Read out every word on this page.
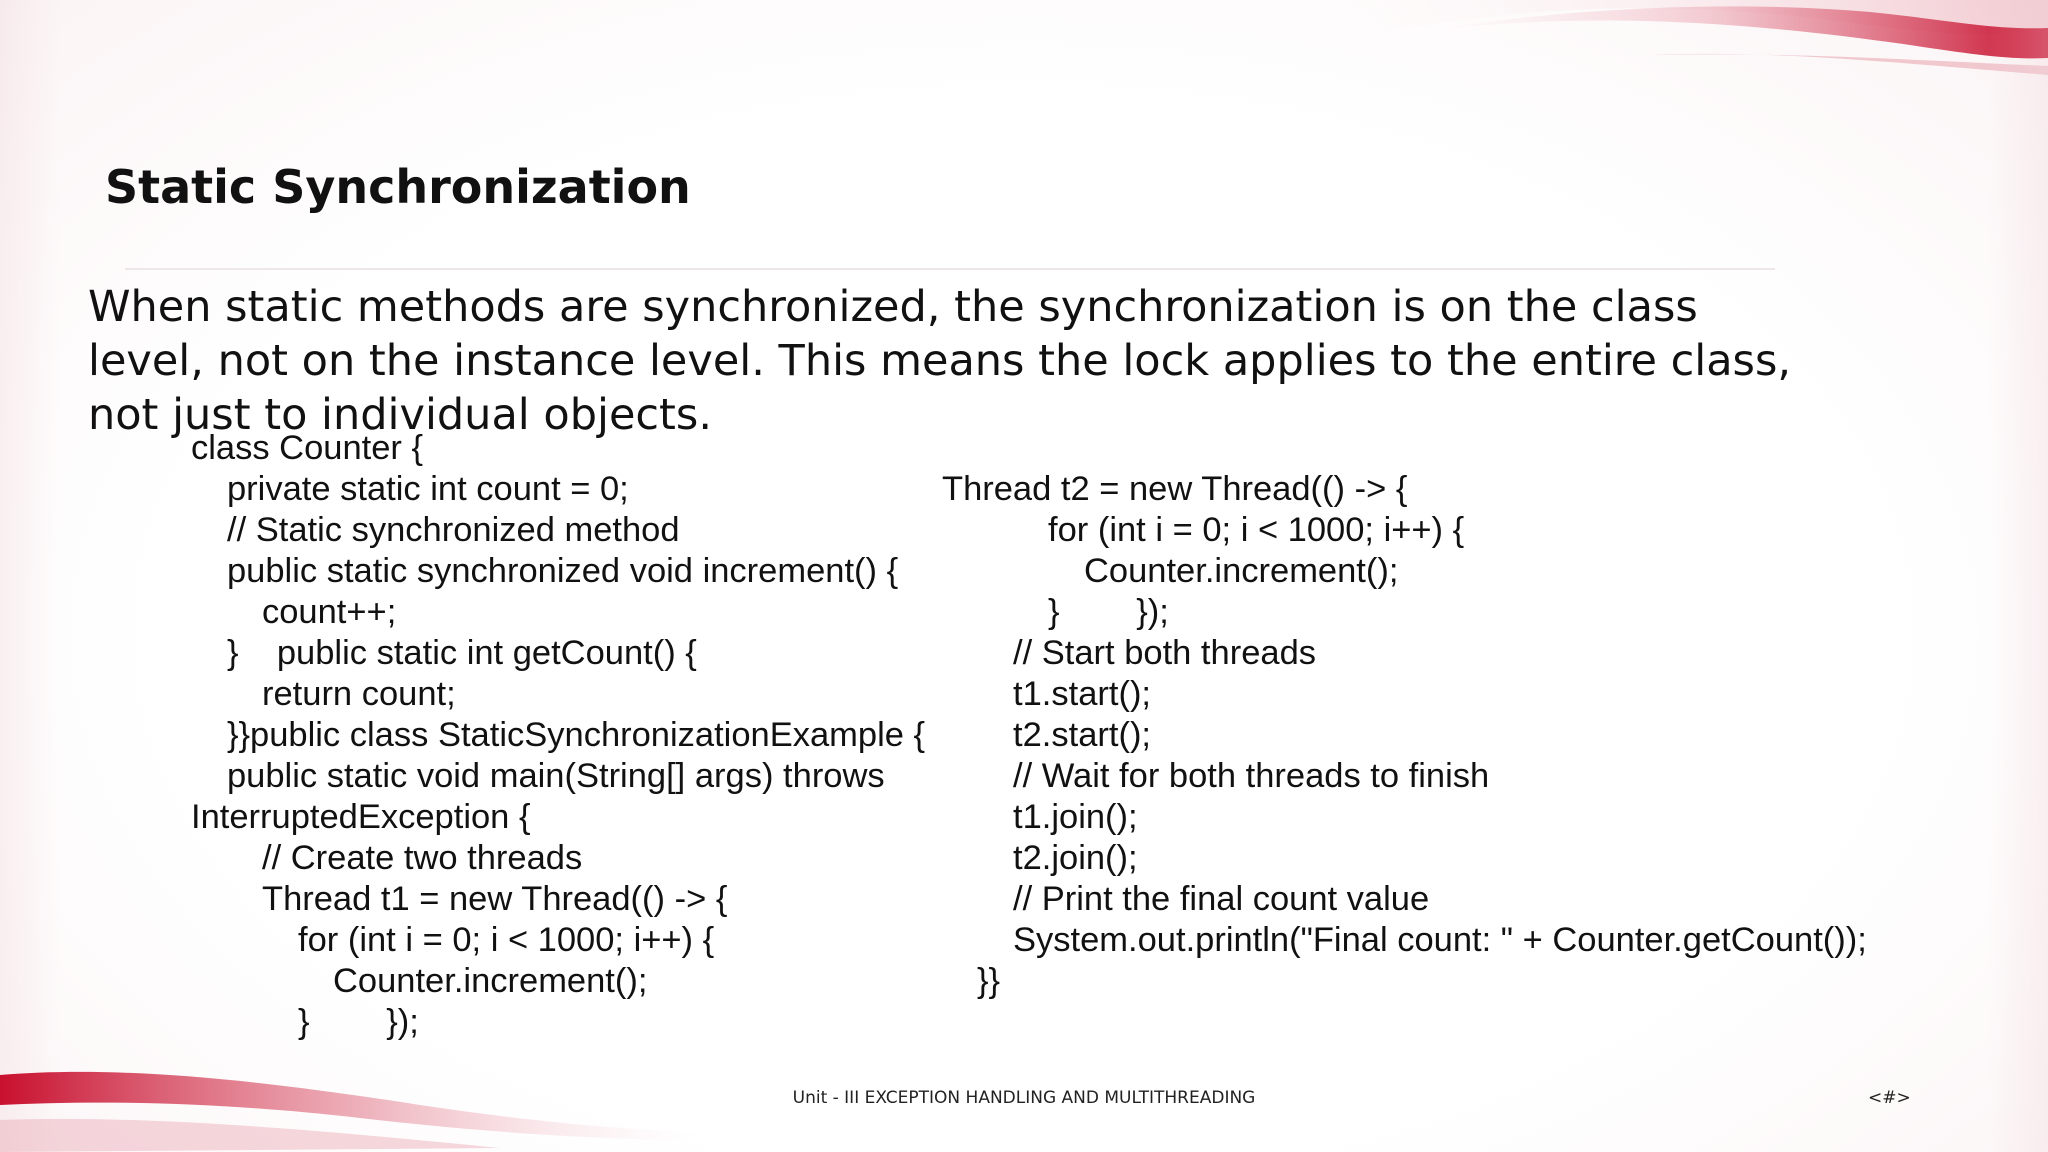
Static Synchronization
When static methods are synchronized, the synchronization is on the class level, not on the instance level. This means the lock applies to the entire class, not just to individual objects.

class Counter {

private static int count = 0;

// Static synchronized method

public static synchronized void increment() {

count++;

}    public static int getCount() {

return count;

}}public class StaticSynchronizationExample {

public static void main(String[] args) throws

InterruptedException {

// Create two threads

Thread t1 = new Thread(() -> {

for (int i = 0; i < 1000; i++) {

Counter.increment();

}        });

Thread t2 = new Thread(() -> {

for (int i = 0; i < 1000; i++) {

Counter.increment();

}        });

// Start both threads

t1.start();

t2.start();

// Wait for both threads to finish

t1.join();

t2.join();

// Print the final count value

System.out.println("Final count: " + Counter.getCount());

}}

Unit - III EXCEPTION HANDLING AND MULTITHREADING	<#>
